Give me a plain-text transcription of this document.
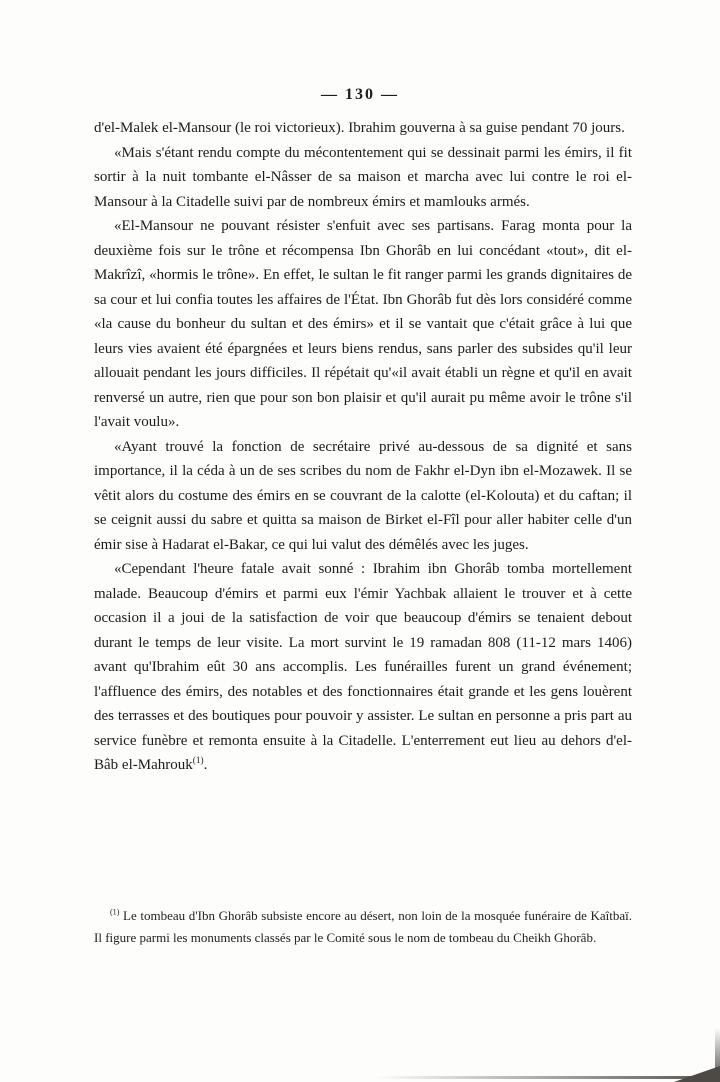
— 130 —

d'el-Malek el-Mansour (le roi victorieux). Ibrahim gouverna à sa guise pendant 70 jours.

«Mais s'étant rendu compte du mécontentement qui se dessinait parmi les émirs, il fit sortir à la nuit tombante el-Nâsser de sa maison et marcha avec lui contre le roi el-Mansour à la Citadelle suivi par de nombreux émirs et mamlouks armés.

«El-Mansour ne pouvant résister s'enfuit avec ses partisans. Farag monta pour la deuxième fois sur le trône et récompensa Ibn Ghorâb en lui concédant «tout», dit el-Makrîzî, «hormis le trône». En effet, le sultan le fit ranger parmi les grands dignitaires de sa cour et lui confia toutes les affaires de l'État. Ibn Ghorâb fut dès lors considéré comme «la cause du bonheur du sultan et des émirs» et il se vantait que c'était grâce à lui que leurs vies avaient été épargnées et leurs biens rendus, sans parler des subsides qu'il leur allouait pendant les jours difficiles. Il répétait qu'«il avait établi un règne et qu'il en avait renversé un autre, rien que pour son bon plaisir et qu'il aurait pu même avoir le trône s'il l'avait voulu».

«Ayant trouvé la fonction de secrétaire privé au-dessous de sa dignité et sans importance, il la céda à un de ses scribes du nom de Fakhr el-Dyn ibn el-Mozawek. Il se vêtit alors du costume des émirs en se couvrant de la calotte (el-Kolouta) et du caftan; il se ceignit aussi du sabre et quitta sa maison de Birket el-Fîl pour aller habiter celle d'un émir sise à Hadarat el-Bakar, ce qui lui valut des démêlés avec les juges.

«Cependant l'heure fatale avait sonné : Ibrahim ibn Ghorâb tomba mortellement malade. Beaucoup d'émirs et parmi eux l'émir Yachbak allaient le trouver et à cette occasion il a joui de la satisfaction de voir que beaucoup d'émirs se tenaient debout durant le temps de leur visite. La mort survint le 19 ramadan 808 (11-12 mars 1406) avant qu'Ibrahim eût 30 ans accomplis. Les funérailles furent un grand événement; l'affluence des émirs, des notables et des fonctionnaires était grande et les gens louèrent des terrasses et des boutiques pour pouvoir y assister. Le sultan en personne a pris part au service funèbre et remonta ensuite à la Citadelle. L'enterrement eut lieu au dehors d'el-Bâb el-Mahrouk$^{(1)}$.

$^{(1)}$ Le tombeau d'Ibn Ghorâb subsiste encore au désert, non loin de la mosquée funéraire de Kaîtbaï. Il figure parmi les monuments classés par le Comité sous le nom de tombeau du Cheikh Ghorâb.
